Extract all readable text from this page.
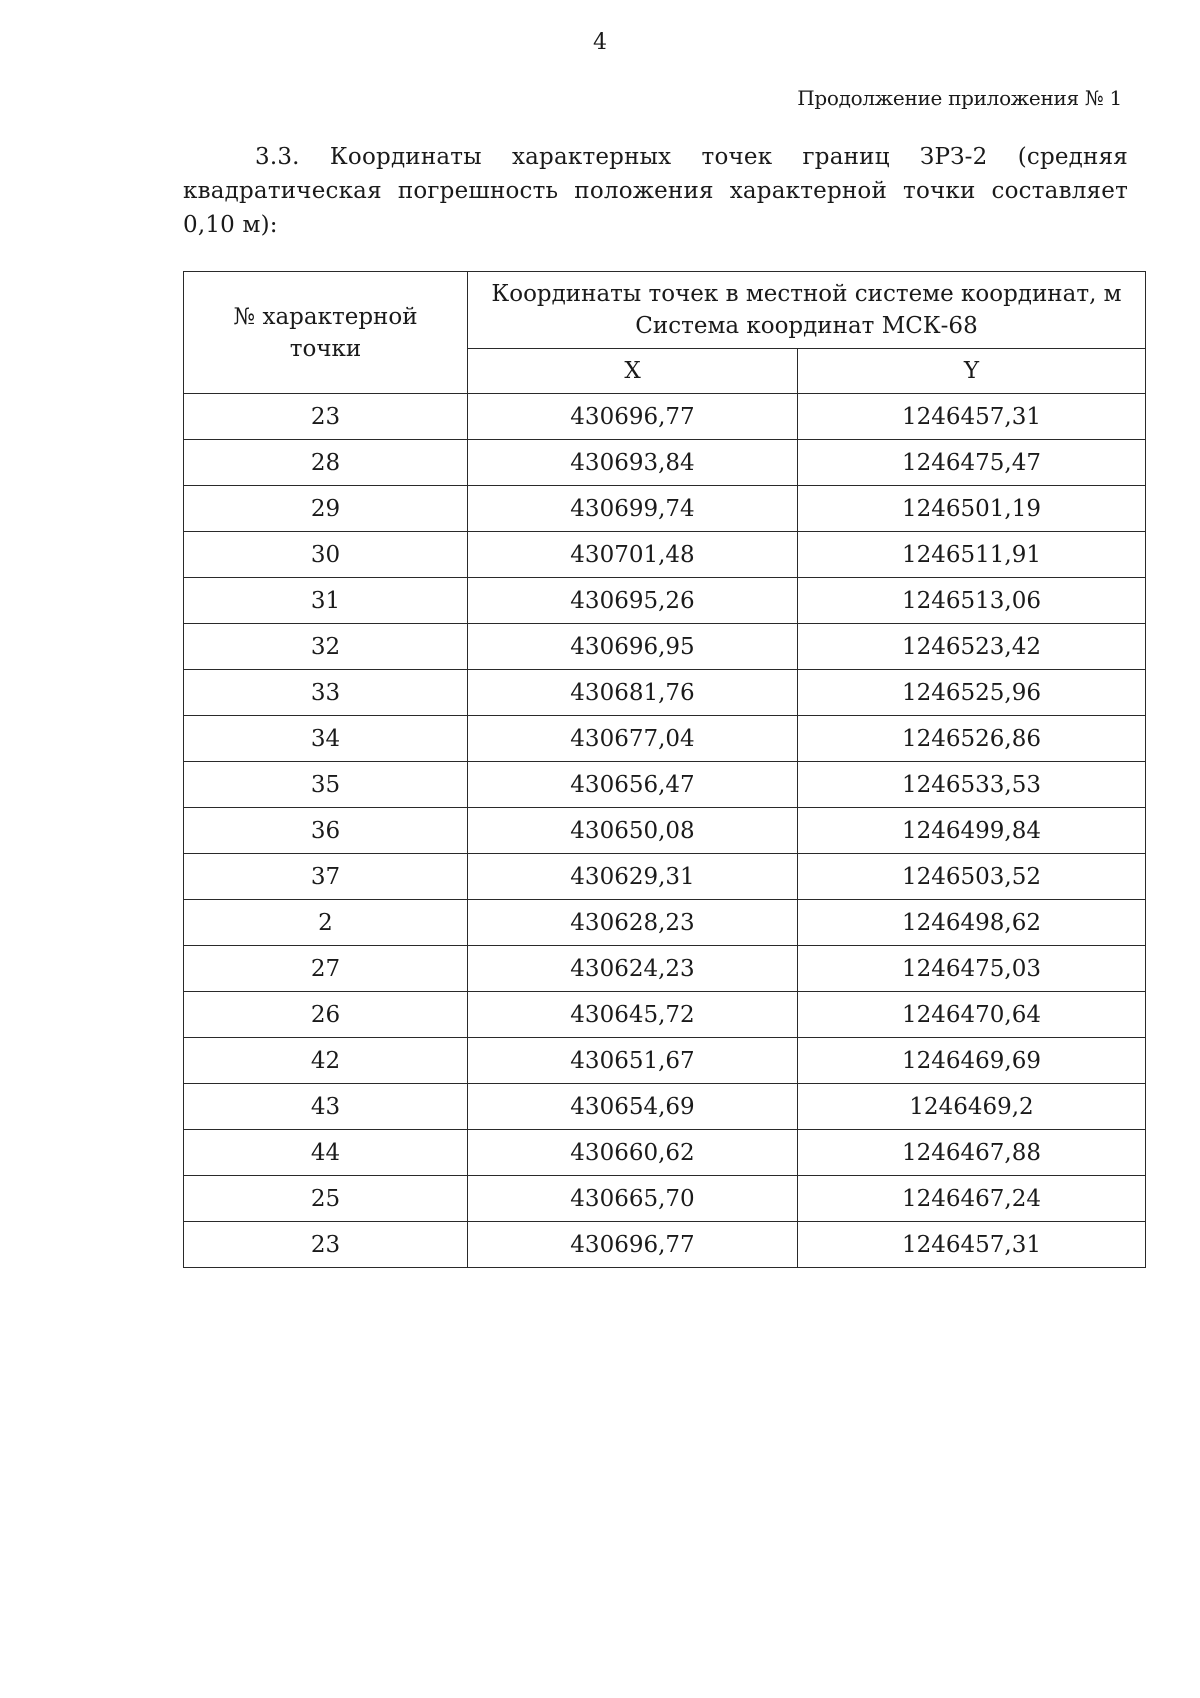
4
Продолжение приложения № 1

3.3. Координаты характерных точек границ ЗРЗ-2 (средняя квадратическая погрешность положения характерной точки составляет 0,10 м):

№ характерной
точки	Координаты точек в местной системе координат, м
Система координат МСК-68	
	X	Y
23	430696,77	1246457,31
28	430693,84	1246475,47
29	430699,74	1246501,19
30	430701,48	1246511,91
31	430695,26	1246513,06
32	430696,95	1246523,42
33	430681,76	1246525,96
34	430677,04	1246526,86
35	430656,47	1246533,53
36	430650,08	1246499,84
37	430629,31	1246503,52
2	430628,23	1246498,62
27	430624,23	1246475,03
26	430645,72	1246470,64
42	430651,67	1246469,69
43	430654,69	1246469,2
44	430660,62	1246467,88
25	430665,70	1246467,24
23	430696,77	1246457,31
